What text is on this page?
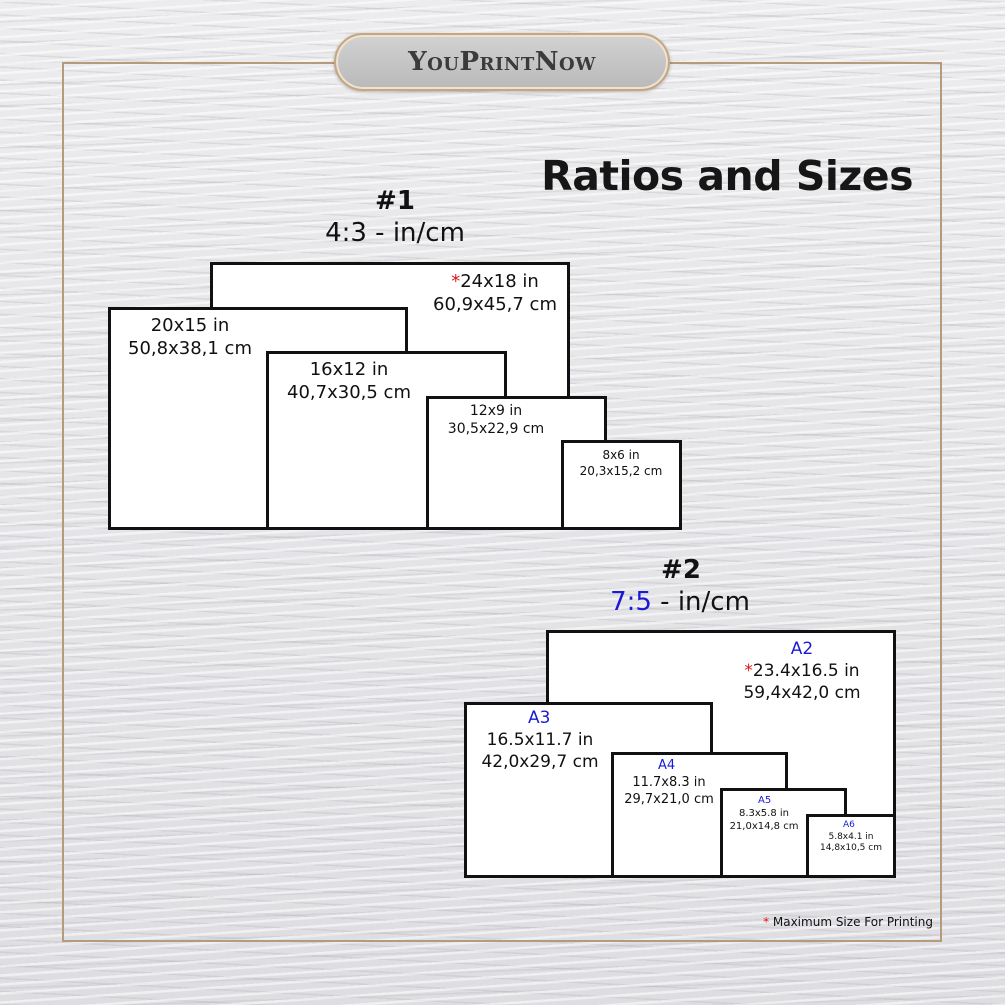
YouPrintNow
Ratios and Sizes
#1
4:3 - in/cm
*24x18 in
60,9x45,7 cm
20x15 in
50,8x38,1 cm
16x12 in
40,7x30,5 cm
12x9 in
30,5x22,9 cm
8x6 in
20,3x15,2 cm
#2
7:5 - in/cm
A2
*23.4x16.5 in
59,4x42,0 cm
A3
16.5x11.7 in
42,0x29,7 cm	A4
11.7x8.3 in
29,7x21,0 cm	A5
8.3x5.8 in
21,0x14,8 cm	A6
5.8x4.1 in
14,8x10,5 cm
* Maximum Size For Printing
